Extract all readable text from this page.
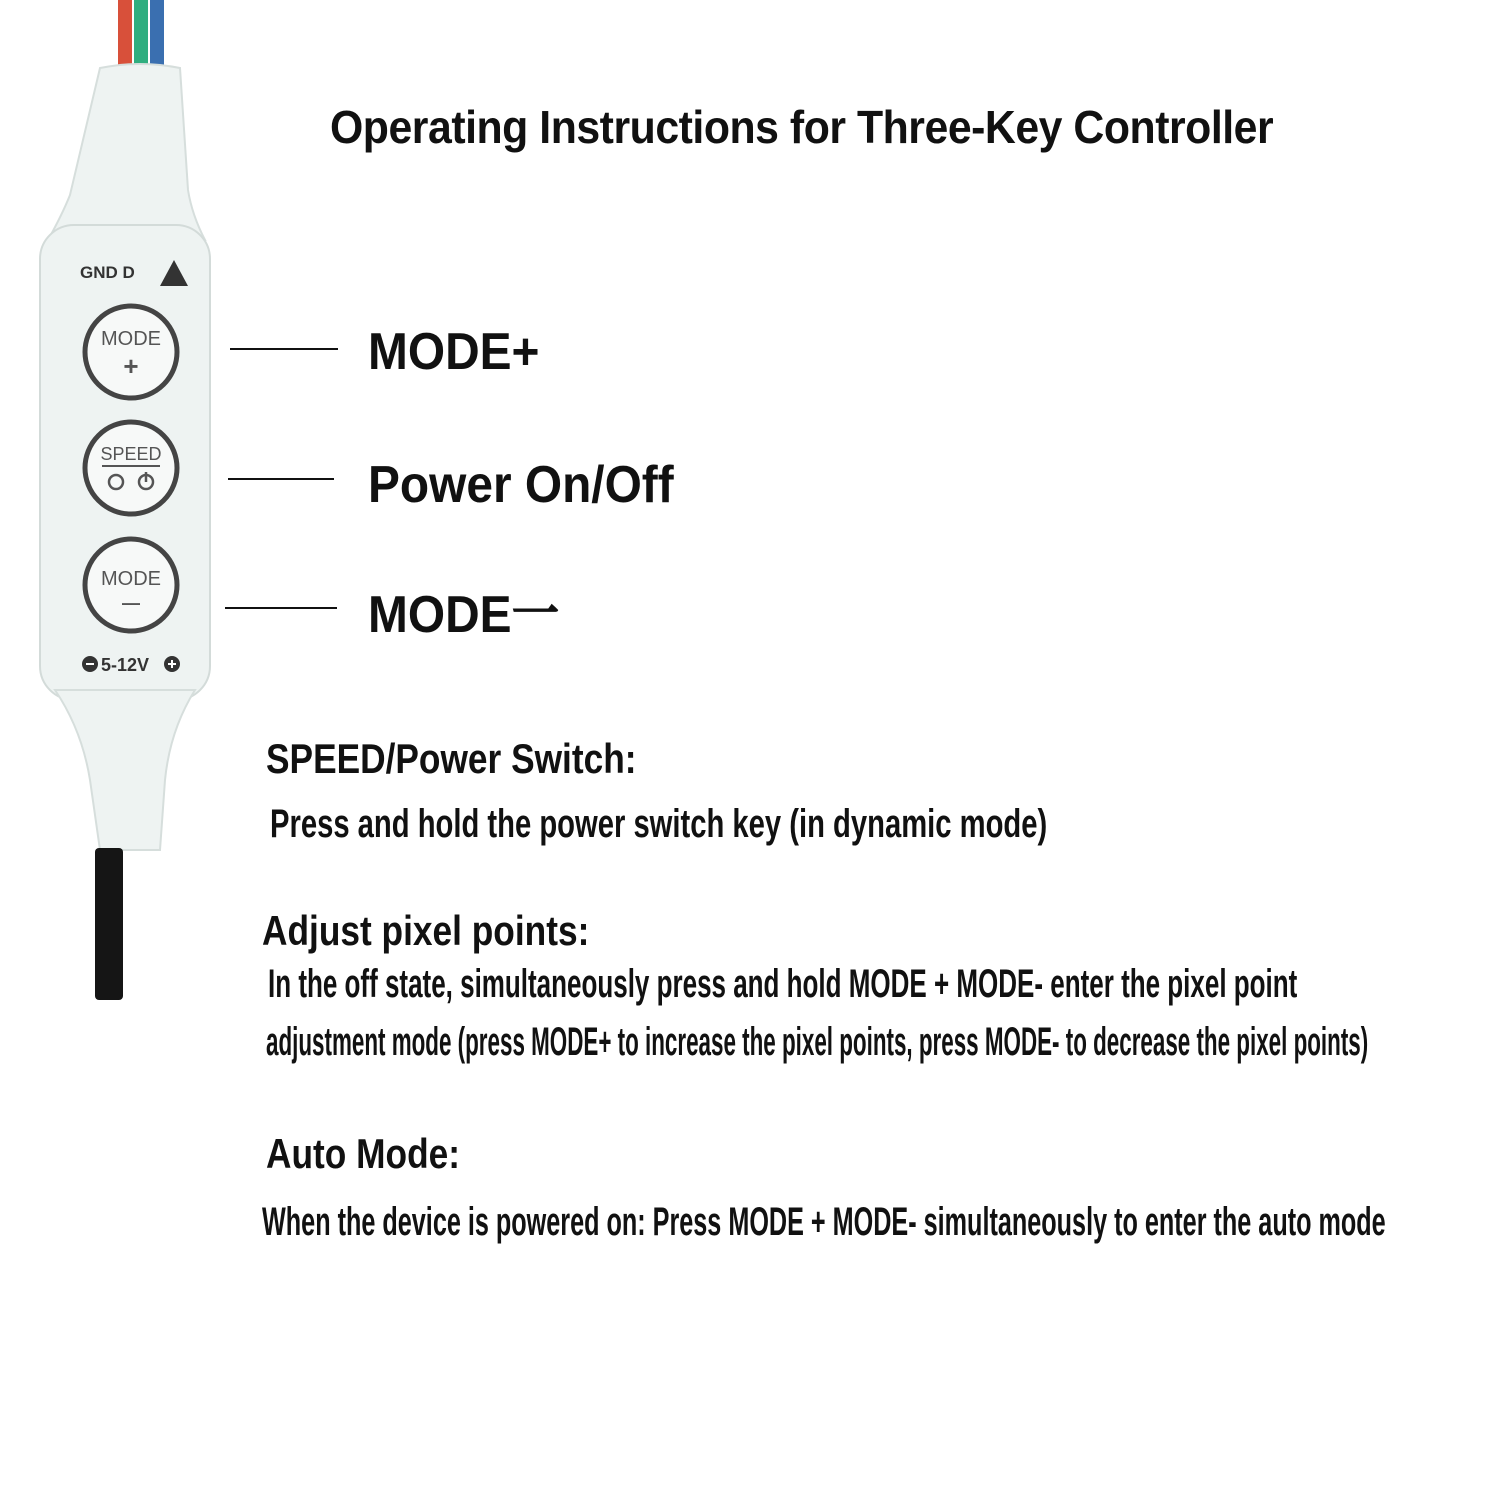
GND D
MODE
+
SPEED
MODE
—
5-12V
Operating Instructions for Three-Key Controller
MODE+
Power On/Off
MODE一
SPEED/Power Switch:
Press and hold the power switch key (in dynamic mode)
Adjust pixel points:
In the off state, simultaneously press and hold MODE + MODE- enter the pixel point
adjustment mode (press MODE+ to increase the pixel points, press MODE- to decrease the pixel points)
Auto Mode:
When the device is powered on: Press MODE + MODE- simultaneously to enter the auto mode
